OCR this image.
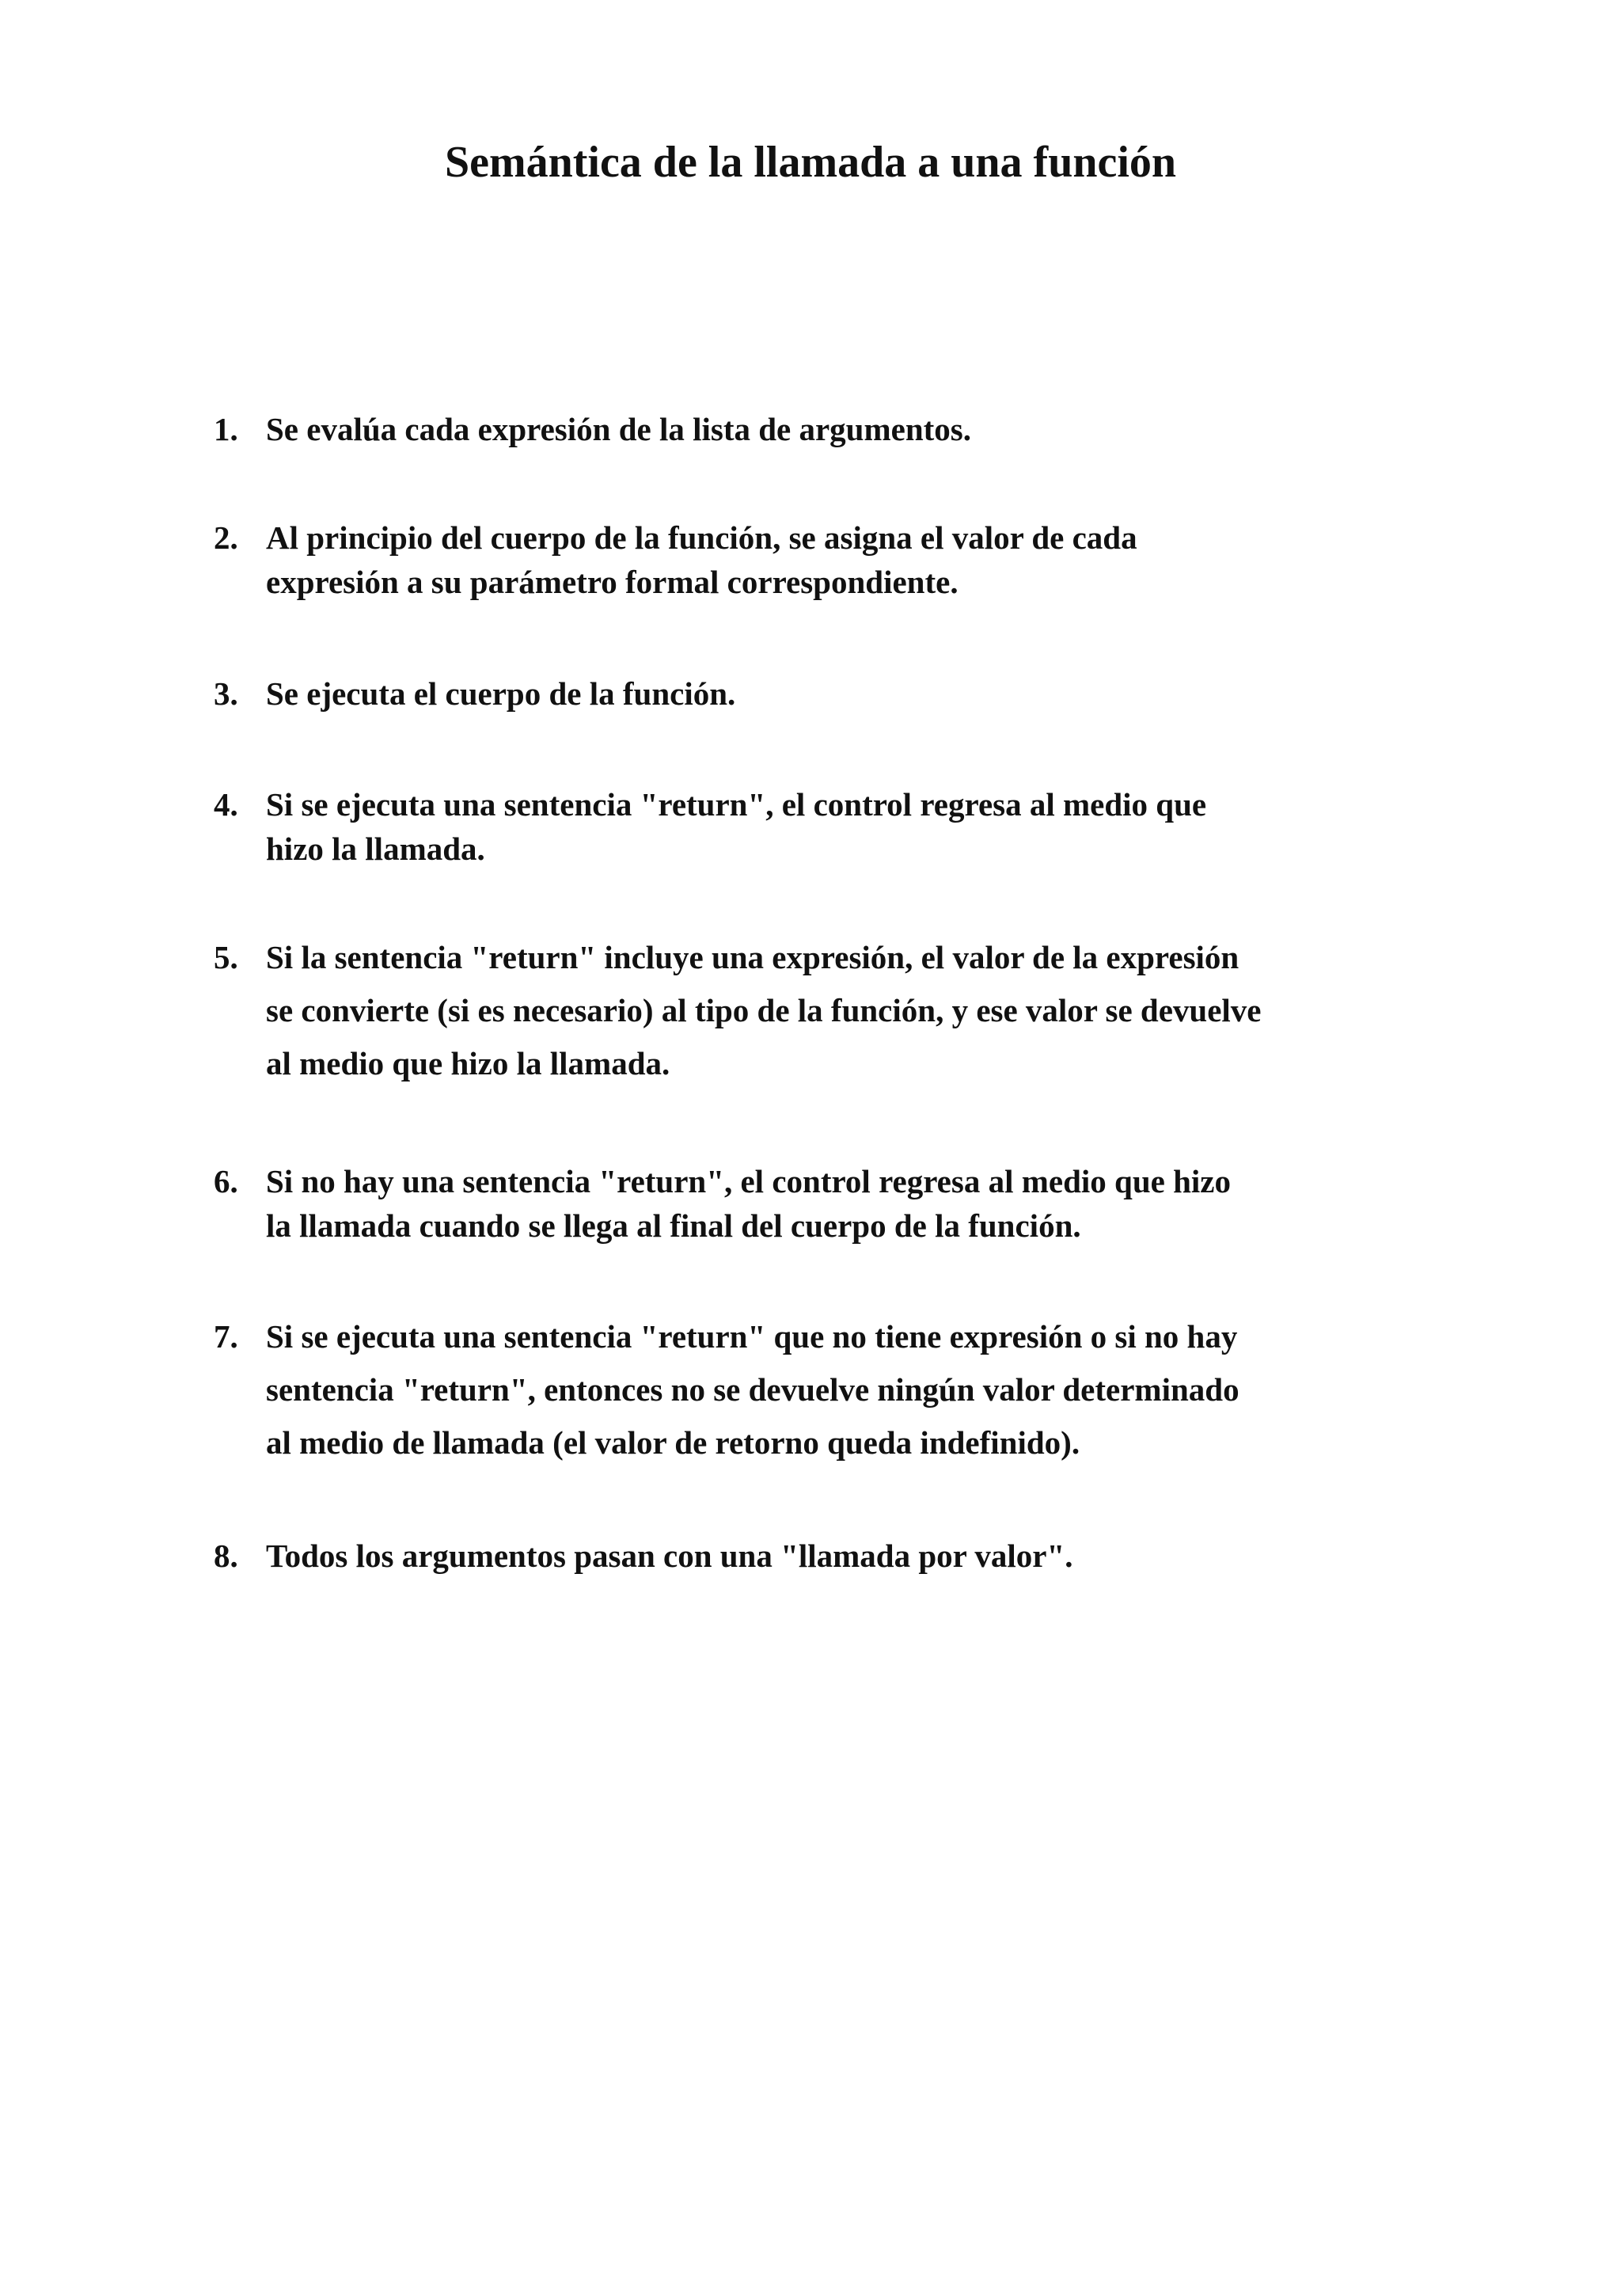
Semántica de la llamada a una función
1. Se evalúa cada expresión de la lista de argumentos.
2. Al principio del cuerpo de la función, se asigna el valor de cada
expresión a su parámetro formal correspondiente.
3. Se ejecuta el cuerpo de la función.
4. Si se ejecuta una sentencia "return", el control regresa al medio que
hizo la llamada.
5. Si la sentencia "return" incluye una expresión, el valor de la expresión
se convierte (si es necesario) al tipo de la función, y ese valor se devuelve
al medio que hizo la llamada.
6. Si no hay una sentencia "return", el control regresa al medio que hizo
la llamada cuando se llega al final del cuerpo de la función.
7. Si se ejecuta una sentencia "return" que no tiene expresión o si no hay
sentencia "return", entonces no se devuelve ningún valor determinado
al medio de llamada (el valor de retorno queda indefinido).
8. Todos los argumentos pasan con una "llamada por valor".
